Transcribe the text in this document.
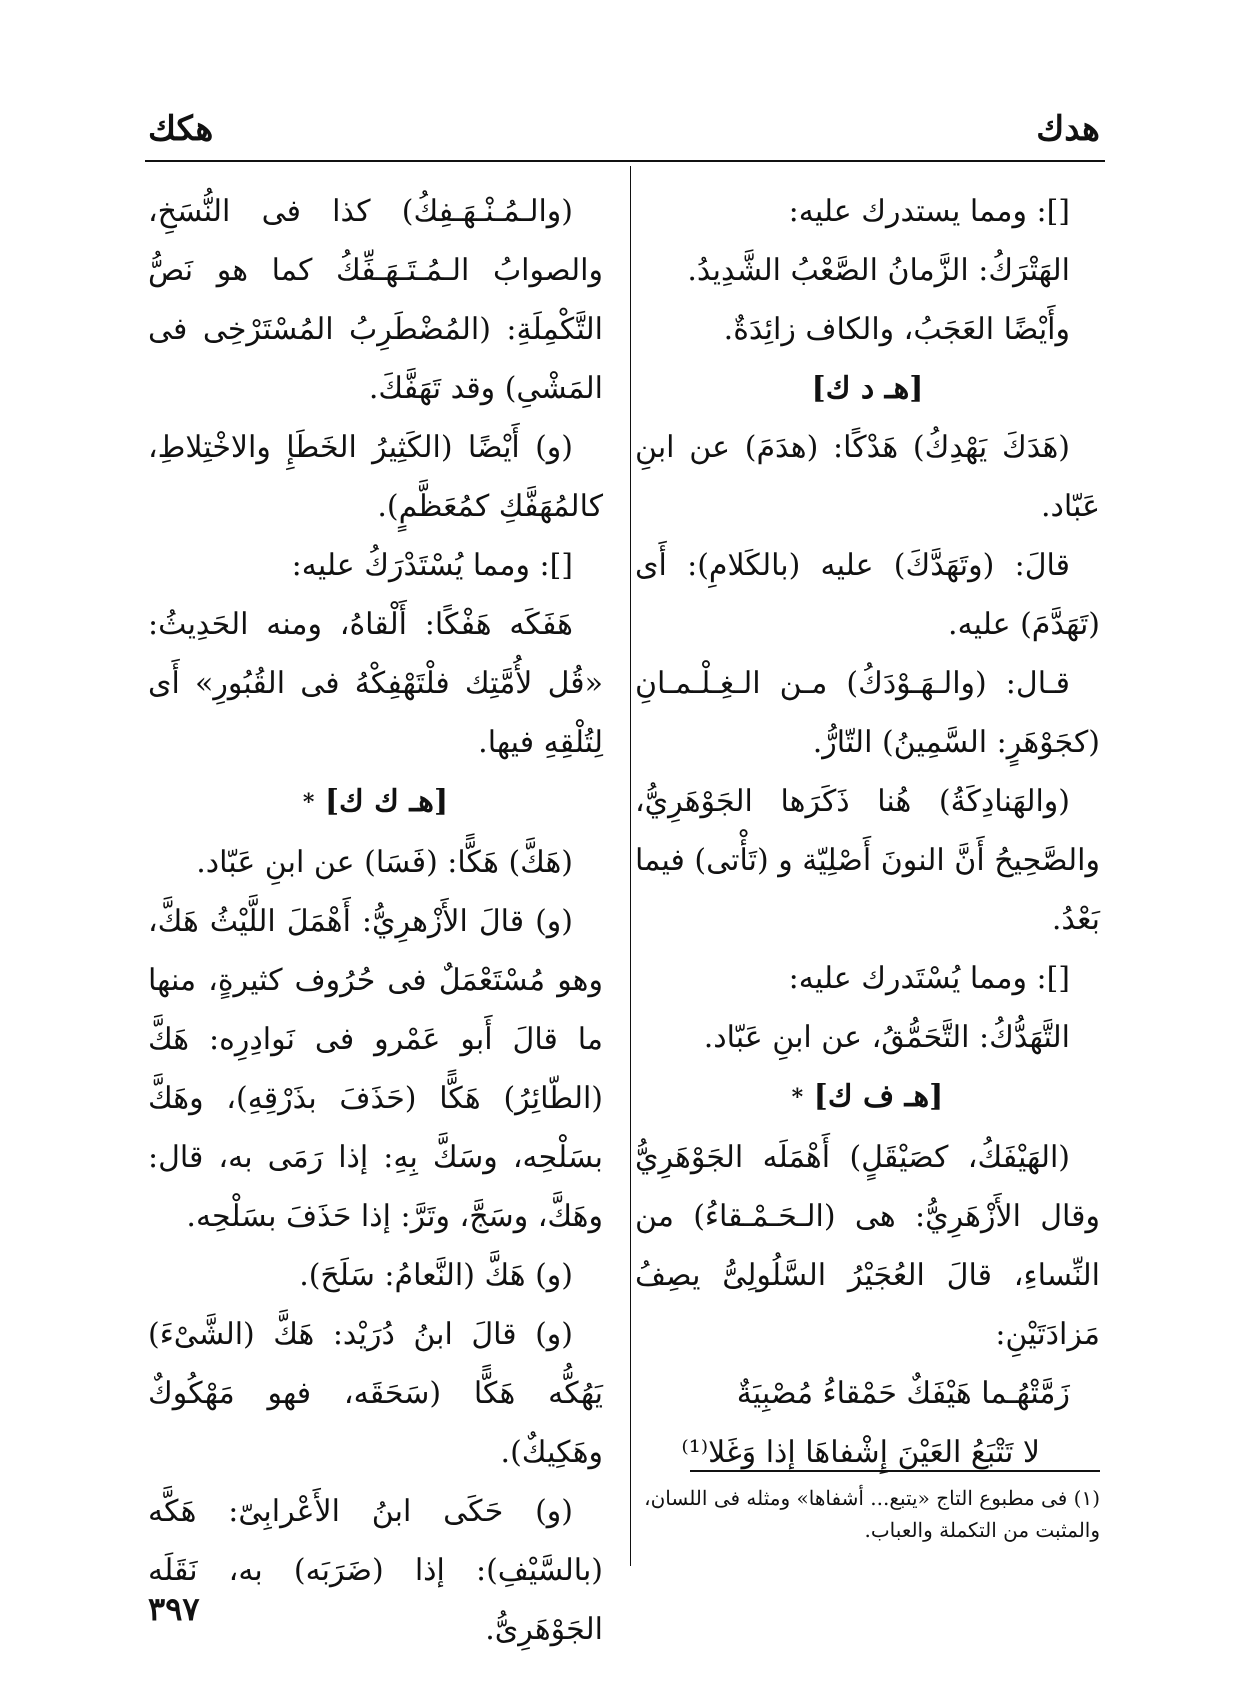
هدك
هكك

[]: ومما يستدرك عليه:

الهَتْرَكُ: الزَّمانُ الصَّعْبُ الشَّدِيدُ.

وأَيْضًا العَجَبُ، والكاف زائِدَةٌ.

[هـ د ك]

(هَدَكَ يَهْدِكُ) هَدْكًا: (هدَمَ) عن ابنِ عَبّاد.

قالَ: (وتَهَدَّكَ) عليه (بالكَلامِ): أَى (تَهَدَّمَ) عليه.

قـال: (والـهَـوْدَكُ) مـن الـغِـلْـمـانِ (كجَوْهَرٍ: السَّمِينُ) التّارُّ.

(والهَنادِكَةُ) هُنا ذَكَرَها الجَوْهَرِيُّ، والصَّحِيحُ أَنَّ النونَ أَصْلِيّة و (تَأْتى) فيما بَعْدُ.

[]: ومما يُسْتَدرك عليه:

التَّهَدُّكُ: التَّحَمُّقُ، عن ابنِ عَبّاد.

[هـ ف ك] *

(الهَيْفَكُ، كصَيْقَلٍ) أَهْمَلَه الجَوْهَرِيُّ وقال الأَزْهَرِيُّ: هى (الـحَـمْـقاءُ) من النِّساءِ، قالَ العُجَيْرُ السَّلُولِىُّ يصِفُ مَزادَتَيْنِ:

زَمَّتْهُـما هَيْفَكٌ حَمْقاءُ مُصْبِيَةٌ

لا تَتْبَعُ العَيْنَ إِشْفاهَا إذا وَغَلا⁽¹⁾

(والـمُـنْـهَـفِكُ) كذا فى النُّسَخِ، والصوابُ الـمُـتَـهَـفِّكُ كما هو نَصُّ التَّكْمِلَةِ: (المُضْطَرِبُ المُسْتَرْخِى فى المَشْىِ) وقد تَهَفَّكَ.

(و) أَيْضًا (الكَثِيرُ الخَطَإِ والاخْتِلاطِ، كالمُهَفَّكِ كمُعَظَّمٍ).

[]: ومما يُسْتَدْرَكُ عليه:

هَفَكَه هَفْكًا: أَلْقاهُ، ومنه الحَدِيثُ: «قُل لأُمَّتِك فلْتَهْفِكْهُ فى القُبُورِ» أَى لِتُلْقِهِ فيها.

[هـ ك ك] *

(هَكَّ) هَكًّا: (فَسَا) عن ابنِ عَبّاد.

(و) قالَ الأَزْهرِيُّ: أَهْمَلَ اللَّيْثُ هَكَّ، وهو مُسْتَعْمَلٌ فى حُرُوف كثيرةٍ، منها ما قالَ أَبو عَمْرو فى نَوادِرِه: هَكَّ (الطّائِرُ) هَكًّا (حَذَفَ بذَرْقِهِ)، وهَكَّ بسَلْحِه، وسَكَّ بِهِ: إذا رَمَى به، قال: وهَكَّ، وسَجَّ، وتَرَّ: إذا حَذَفَ بسَلْحِه.

(و) هَكَّ (النَّعامُ: سَلَحَ).

(و) قالَ ابنُ دُرَيْد: هَكَّ (الشَّىْءَ) يَهُكُّه هَكًّا (سَحَقَه، فهو مَهْكُوكٌ وهَكِيكٌ).

(و) حَكَى ابنُ الأَعْرابِىّ: هَكَّه (بالسَّيْفِ): إذا (ضَرَبَه) به، نَقَلَه الجَوْهَرِىُّ.

(١) فى مطبوع التاج «يتبع... أشفاها» ومثله فى اللسان، والمثبت من التكملة والعباب.

٣٩٧
